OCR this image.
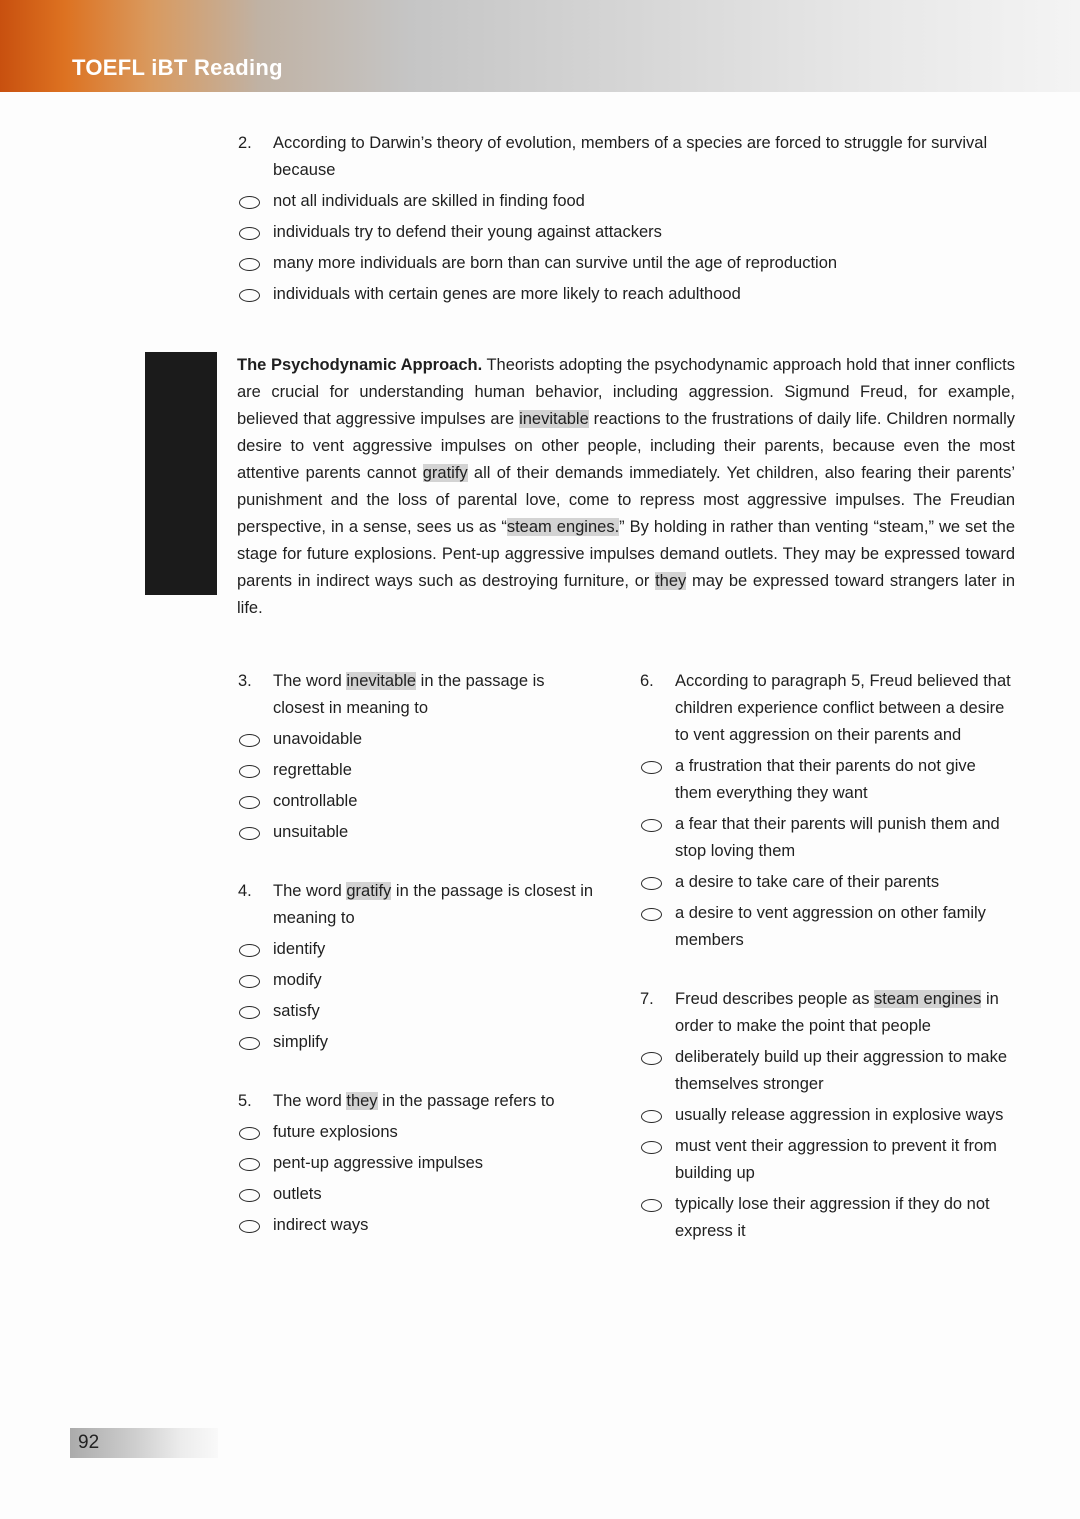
TOEFL iBT Reading
2.	According to Darwin’s theory of evolution, members of a species are forced to struggle for survival because
not all individuals are skilled in finding food
individuals try to defend their young against attackers
many more individuals are born than can survive until the age of reproduction
individuals with certain genes are more likely to reach adulthood

The Psychodynamic Approach. Theorists adopting the psychodynamic approach hold that inner conflicts are crucial for understanding human behavior, including aggression. Sigmund Freud, for example, believed that aggressive impulses are inevitable reactions to the frustrations of daily life. Children normally desire to vent aggressive impulses on other people, including their parents, because even the most attentive parents cannot gratify all of their demands immediately. Yet children, also fearing their parents’ punishment and the loss of parental love, come to repress most aggressive impulses. The Freudian perspective, in a sense, sees us as “steam engines.” By holding in rather than venting “steam,” we set the stage for future explosions. Pent-up aggressive impulses demand outlets. They may be expressed toward parents in indirect ways such as destroying furniture, or they may be expressed toward strangers later in life.

3.	The word inevitable in the passage is closest in meaning to
unavoidable
regrettable
controllable
unsuitable
4.	The word gratify in the passage is closest in meaning to
identify
modify
satisfy
simplify
5.	The word they in the passage refers to
future explosions
pent-up aggressive impulses
outlets
indirect ways
6.	According to paragraph 5, Freud believed that children experience conflict between a desire to vent aggression on their parents and
a frustration that their parents do not give them everything they want
a fear that their parents will punish them and stop loving them
a desire to take care of their parents
a desire to vent aggression on other family members
7.	Freud describes people as steam engines in order to make the point that people
deliberately build up their aggression to make themselves stronger
usually release aggression in explosive ways
must vent their aggression to prevent it from building up
typically lose their aggression if they do not express it
92
